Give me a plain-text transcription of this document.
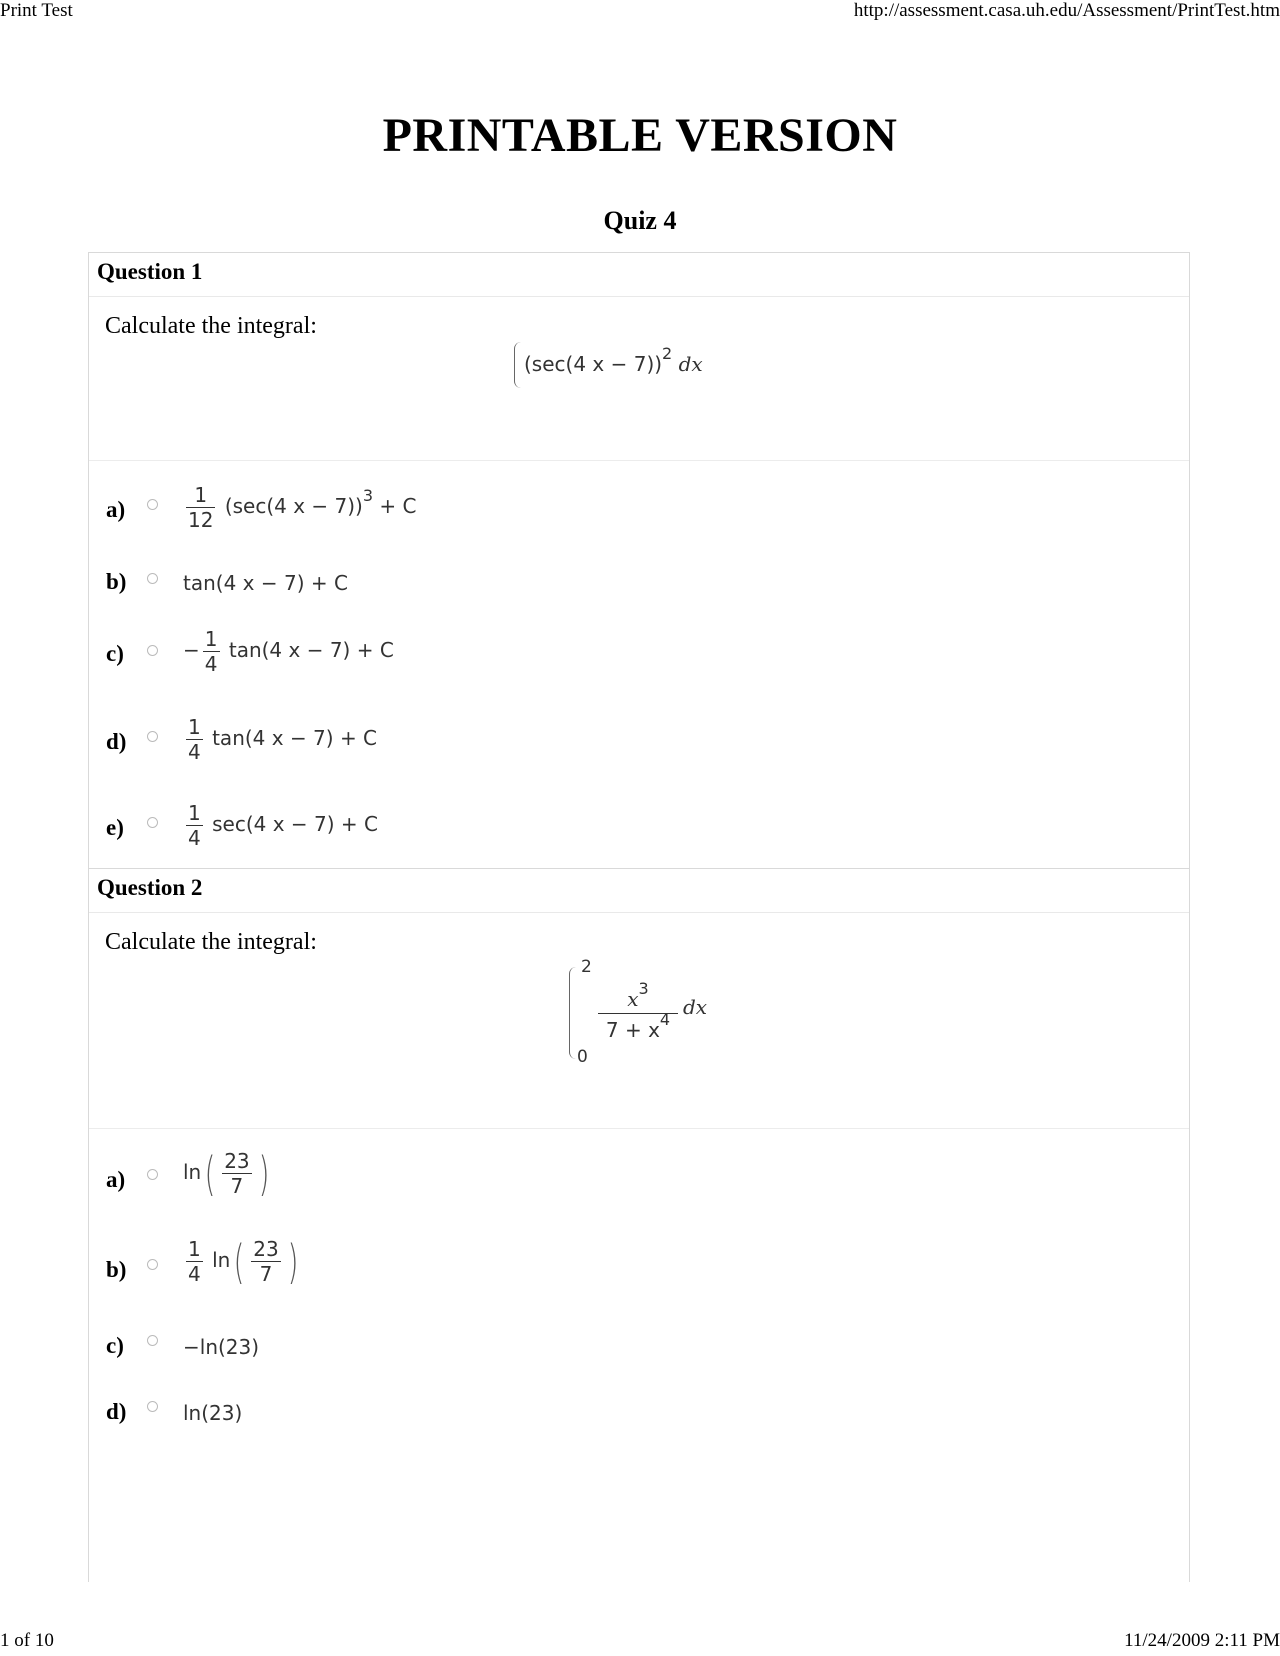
Print Test	http://assessment.casa.uh.edu/Assessment/PrintTest.htm
PRINTABLE VERSION
Quiz 4
Question 1
Calculate the integral:
(sec(4 x − 7))$^2$ dx
a)	$\frac{1}{12} (\sec(4$ x − 7))$^3$ + C
b)	tan(4 x − 7) + C
c)	− $\frac{1}{4} \tan(4$ x − 7) + C
d)	$\frac{1}{4} \tan(4$ x − 7) + C
e)	$\frac{1}{4} \sec(4$ x − 7) + C
Question 2
Calculate the integral:
2
0
$\frac{x^3}{7 + x^4}$ dx
a)	$\ln( \frac{23}{7}$ )
b)	$\frac{1}{4} \ln( \frac{23}{7}$ )
c)	−ln(23)
d)	ln(23)
1 of 10	11/24/2009 2:11 PM
